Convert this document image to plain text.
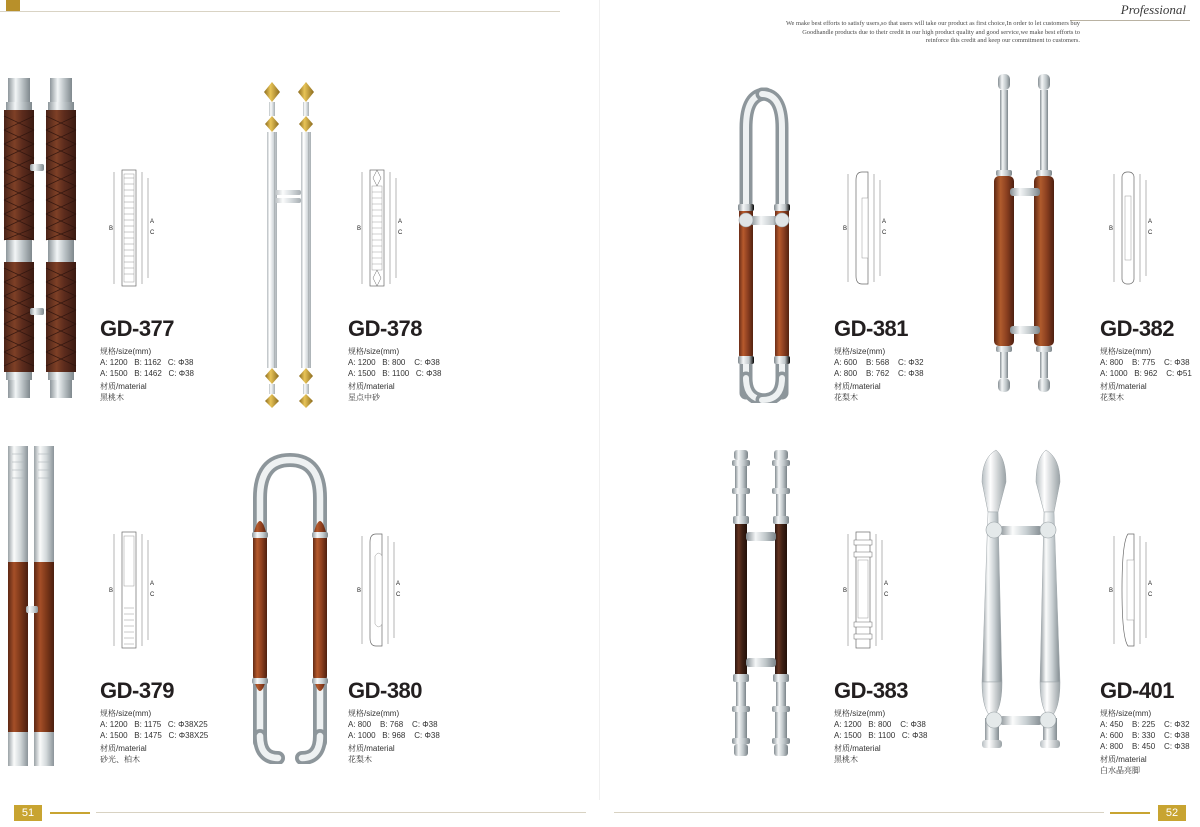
Professional
We make best efforts to satisfy users,so that users will take our product as first choice,In order to let customers buy Goodhandle products due to their credit in our high product quality and good service,we make best efforts to reinforce this credit and keep our commitment to customers.
B
A
C
B
A
C
B
A
C
B
A
C
B
A
C
B
A
C
B
A
C
B
A
C
GD-377
规格/size(mm)
A: 1200   B: 1162   C: Φ38
A: 1500   B: 1462   C: Φ38
材质/material
黑桃木
GD-378
规格/size(mm)
A: 1200   B: 800    C: Φ38
A: 1500   B: 1100   C: Φ38
材质/material
星点中砂
GD-381
规格/size(mm)
A: 600    B: 568    C: Φ32
A: 800    B: 762    C: Φ38
材质/material
花梨木
GD-382
规格/size(mm)
A: 800    B: 775    C: Φ38
A: 1000   B: 962    C: Φ51
材质/material
花梨木
GD-379
规格/size(mm)
A: 1200   B: 1175   C: Φ38X25
A: 1500   B: 1475   C: Φ38X25
材质/material
砂光、柏木
GD-380
规格/size(mm)
A: 800    B: 768    C: Φ38
A: 1000   B: 968    C: Φ38
材质/material
花梨木
GD-383
规格/size(mm)
A: 1200   B: 800    C: Φ38
A: 1500   B: 1100   C: Φ38
材质/material
黑桃木
GD-401
规格/size(mm)
A: 450    B: 225    C: Φ32
A: 600    B: 330    C: Φ38
A: 800    B: 450    C: Φ38
材质/material
白水晶亮脚
51	52
